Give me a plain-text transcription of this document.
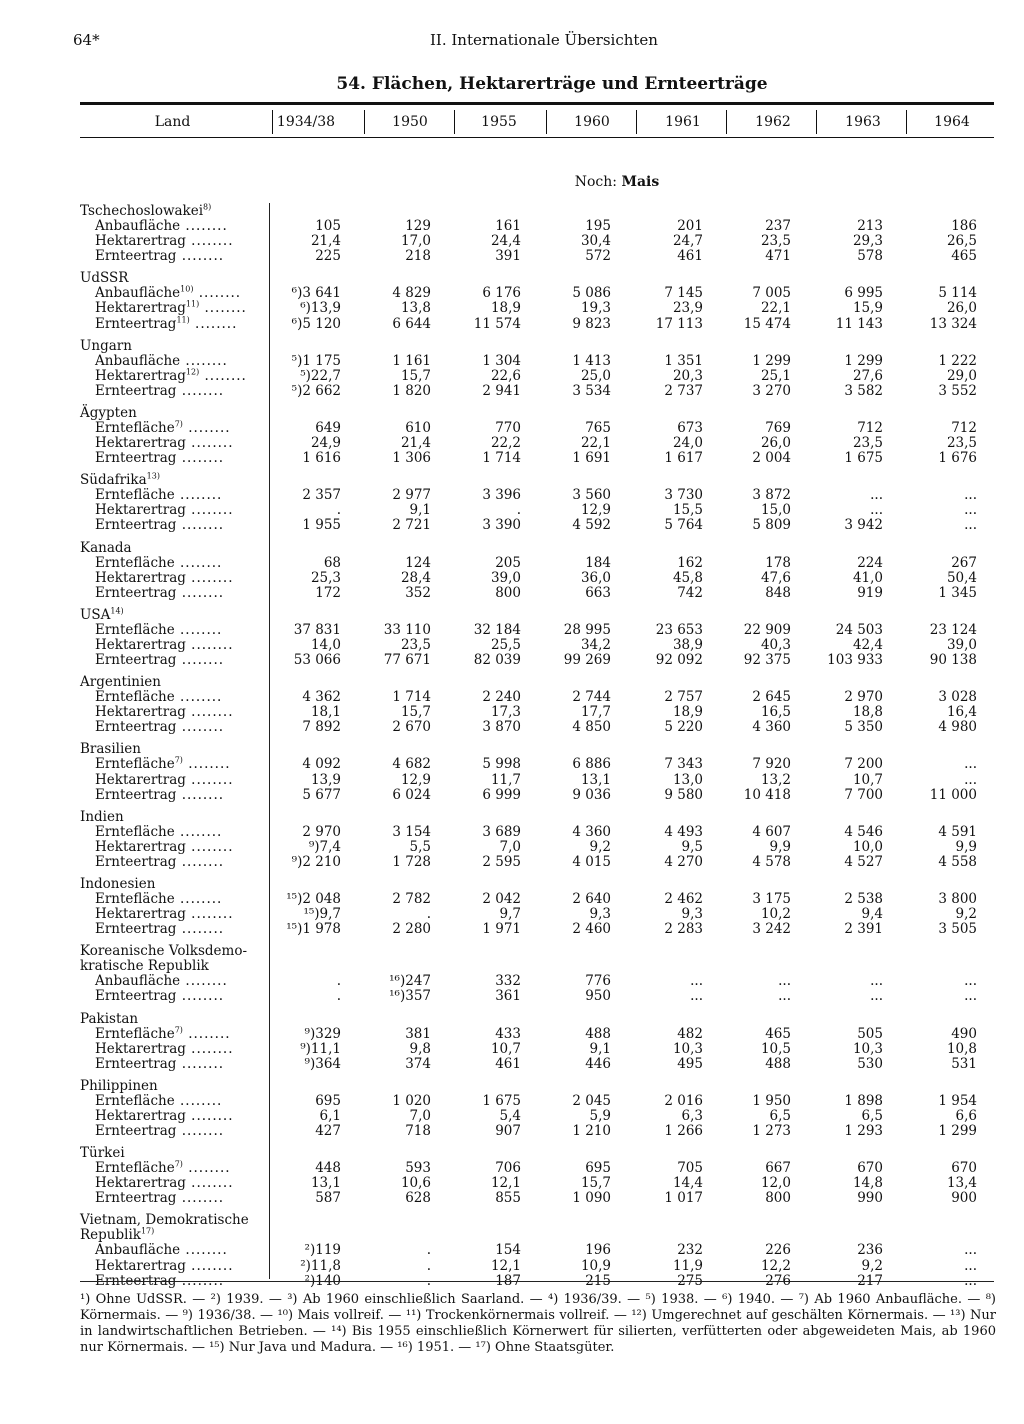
64*	II. Internationale Übersichten
54. Flächen, Hektarerträge und Ernteerträge
Land	1934/38	1950	1955	1960	1961	1962	1963	1964
Noch: Mais
Tschechoslowakei$^{8)}$
Anbaufläche ........	105	129	161	195	201	237	213	186
Hektarertrag ........	21,4	17,0	24,4	30,4	24,7	23,5	29,3	26,5
Ernteertrag ........	225	218	391	572	461	471	578	465
UdSSR
Anbaufläche$^{10)}$ ........	⁶)3 641	4 829	6 176	5 086	7 145	7 005	6 995	5 114
Hektarertrag$^{11)}$ ........	⁶)13,9	13,8	18,9	19,3	23,9	22,1	15,9	26,0
Ernteertrag$^{11)}$ ........	⁶)5 120	6 644	11 574	9 823	17 113	15 474	11 143	13 324
Ungarn
Anbaufläche ........	⁵)1 175	1 161	1 304	1 413	1 351	1 299	1 299	1 222
Hektarertrag$^{12)}$ ........	⁵)22,7	15,7	22,6	25,0	20,3	25,1	27,6	29,0
Ernteertrag ........	⁵)2 662	1 820	2 941	3 534	2 737	3 270	3 582	3 552
Ägypten
Erntefläche$^{7)}$ ........	649	610	770	765	673	769	712	712
Hektarertrag ........	24,9	21,4	22,2	22,1	24,0	26,0	23,5	23,5
Ernteertrag ........	1 616	1 306	1 714	1 691	1 617	2 004	1 675	1 676
Südafrika$^{13)}$
Erntefläche ........	2 357	2 977	3 396	3 560	3 730	3 872	...	...
Hektarertrag ........	.	9,1	.	12,9	15,5	15,0	...	...
Ernteertrag ........	1 955	2 721	3 390	4 592	5 764	5 809	3 942	...
Kanada
Erntefläche ........	68	124	205	184	162	178	224	267
Hektarertrag ........	25,3	28,4	39,0	36,0	45,8	47,6	41,0	50,4
Ernteertrag ........	172	352	800	663	742	848	919	1 345
USA$^{14)}$
Erntefläche ........	37 831	33 110	32 184	28 995	23 653	22 909	24 503	23 124
Hektarertrag ........	14,0	23,5	25,5	34,2	38,9	40,3	42,4	39,0
Ernteertrag ........	53 066	77 671	82 039	99 269	92 092	92 375	103 933	90 138
Argentinien
Erntefläche ........	4 362	1 714	2 240	2 744	2 757	2 645	2 970	3 028
Hektarertrag ........	18,1	15,7	17,3	17,7	18,9	16,5	18,8	16,4
Ernteertrag ........	7 892	2 670	3 870	4 850	5 220	4 360	5 350	4 980
Brasilien
Erntefläche$^{7)}$ ........	4 092	4 682	5 998	6 886	7 343	7 920	7 200	...
Hektarertrag ........	13,9	12,9	11,7	13,1	13,0	13,2	10,7	...
Ernteertrag ........	5 677	6 024	6 999	9 036	9 580	10 418	7 700	11 000
Indien
Erntefläche ........	2 970	3 154	3 689	4 360	4 493	4 607	4 546	4 591
Hektarertrag ........	⁹)7,4	5,5	7,0	9,2	9,5	9,9	10,0	9,9
Ernteertrag ........	⁹)2 210	1 728	2 595	4 015	4 270	4 578	4 527	4 558
Indonesien
Erntefläche ........	¹⁵)2 048	2 782	2 042	2 640	2 462	3 175	2 538	3 800
Hektarertrag ........	¹⁵)9,7	.	9,7	9,3	9,3	10,2	9,4	9,2
Ernteertrag ........	¹⁵)1 978	2 280	1 971	2 460	2 283	3 242	2 391	3 505
Koreanische Volksdemo-
kratische Republik
Anbaufläche ........	.	¹⁶)247	332	776	...	...	...	...
Ernteertrag ........	.	¹⁶)357	361	950	...	...	...	...
Pakistan
Erntefläche$^{7)}$ ........	⁹)329	381	433	488	482	465	505	490
Hektarertrag ........	⁹)11,1	9,8	10,7	9,1	10,3	10,5	10,3	10,8
Ernteertrag ........	⁹)364	374	461	446	495	488	530	531
Philippinen
Erntefläche ........	695	1 020	1 675	2 045	2 016	1 950	1 898	1 954
Hektarertrag ........	6,1	7,0	5,4	5,9	6,3	6,5	6,5	6,6
Ernteertrag ........	427	718	907	1 210	1 266	1 273	1 293	1 299
Türkei
Erntefläche$^{7)}$ ........	448	593	706	695	705	667	670	670
Hektarertrag ........	13,1	10,6	12,1	15,7	14,4	12,0	14,8	13,4
Ernteertrag ........	587	628	855	1 090	1 017	800	990	900
Vietnam, Demokratische
Republik$^{17)}$
Anbaufläche ........	²)119	.	154	196	232	226	236	...
Hektarertrag ........	²)11,8	.	12,1	10,9	11,9	12,2	9,2	...
Ernteertrag ........	²)140	.	187	215	275	276	217	...
¹) Ohne UdSSR. — ²) 1939. — ³) Ab 1960 einschließlich Saarland. — ⁴) 1936/39. — ⁵) 1938. — ⁶) 1940. — ⁷) Ab 1960 Anbaufläche. — ⁸) Körnermais. — ⁹) 1936/38. — ¹⁰) Mais vollreif. — ¹¹) Trockenkörnermais vollreif. — ¹²) Umgerechnet auf geschälten Körnermais. — ¹³) Nur in landwirtschaftlichen Betrieben. — ¹⁴) Bis 1955 einschließlich Körnerwert für silierten, verfütterten oder abgeweideten Mais, ab 1960 nur Körnermais. — ¹⁵) Nur Java und Madura. — ¹⁶) 1951. — ¹⁷) Ohne Staatsgüter.
